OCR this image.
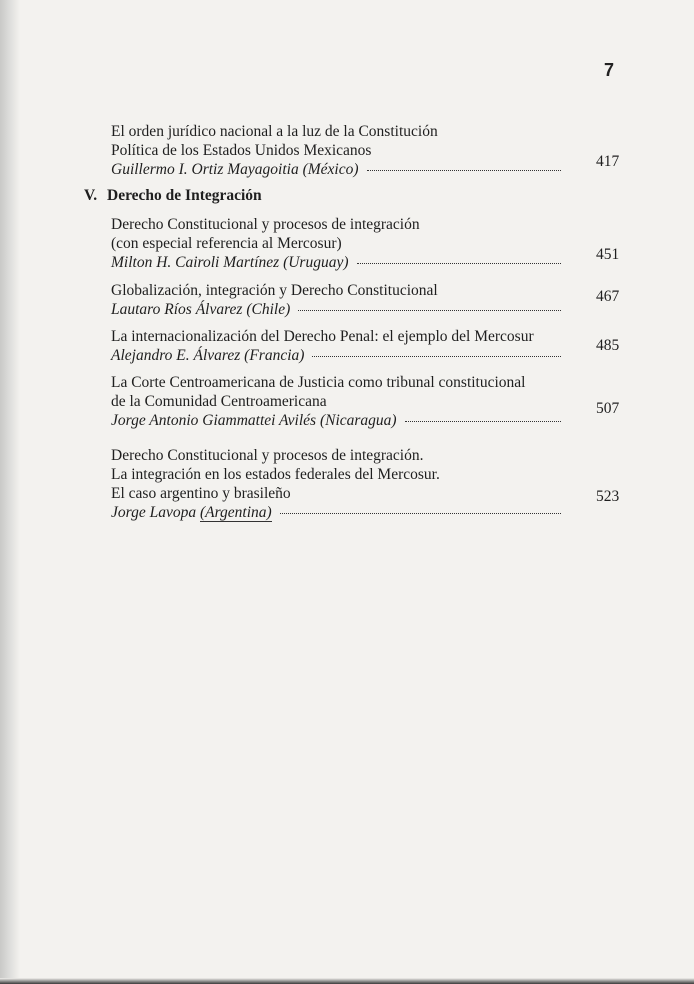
7
El orden jurídico nacional a la luz de la Constitución
Política de los Estados Unidos Mexicanos
Guillermo I. Ortiz Mayagoitia (México)	417
V. Derecho de Integración
Derecho Constitucional y procesos de integración
(con especial referencia al Mercosur)
Milton H. Cairoli Martínez (Uruguay)	451
Globalización, integración y Derecho Constitucional
Lautaro Ríos Álvarez (Chile)
467
La internacionalización del Derecho Penal: el ejemplo del Mercosur
Alejandro E. Álvarez (Francia)
485
La Corte Centroamericana de Justicia como tribunal constitucional
de la Comunidad Centroamericana
Jorge Antonio Giammattei Avilés (Nicaragua)
507
Derecho Constitucional y procesos de integración.
La integración en los estados federales del Mercosur.
El caso argentino y brasileño
Jorge Lavopa (Argentina)
523
